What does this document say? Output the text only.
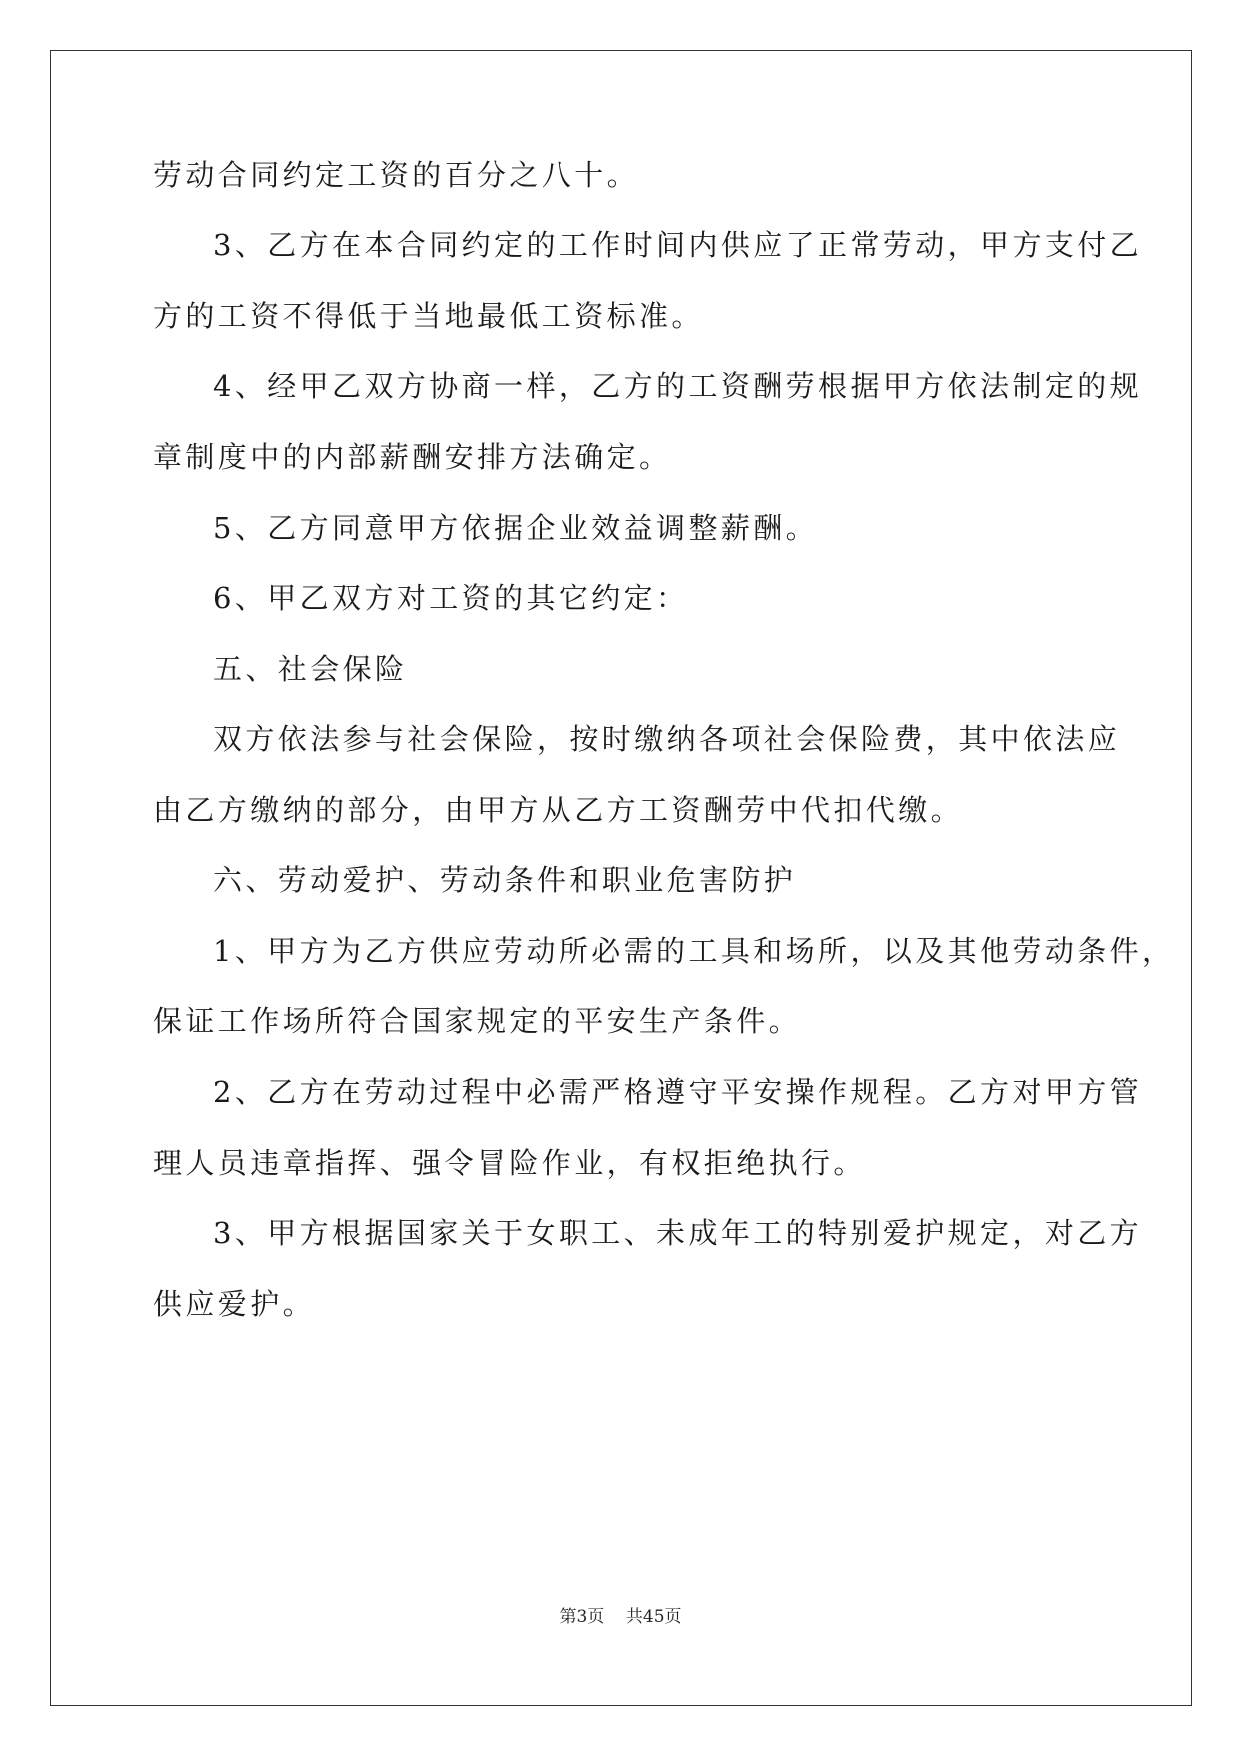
劳动合同约定工资的百分之八十。
3、乙方在本合同约定的工作时间内供应了正常劳动，甲方支付乙
方的工资不得低于当地最低工资标准。
4、经甲乙双方协商一样，乙方的工资酬劳根据甲方依法制定的规
章制度中的内部薪酬安排方法确定。
5、乙方同意甲方依据企业效益调整薪酬。
6、甲乙双方对工资的其它约定：
五、社会保险
双方依法参与社会保险，按时缴纳各项社会保险费，其中依法应
由乙方缴纳的部分，由甲方从乙方工资酬劳中代扣代缴。
六、劳动爱护、劳动条件和职业危害防护
1、甲方为乙方供应劳动所必需的工具和场所，以及其他劳动条件，
保证工作场所符合国家规定的平安生产条件。
2、乙方在劳动过程中必需严格遵守平安操作规程。乙方对甲方管
理人员违章指挥、强令冒险作业，有权拒绝执行。
3、甲方根据国家关于女职工、未成年工的特别爱护规定，对乙方
供应爱护。
第3页 共45页
